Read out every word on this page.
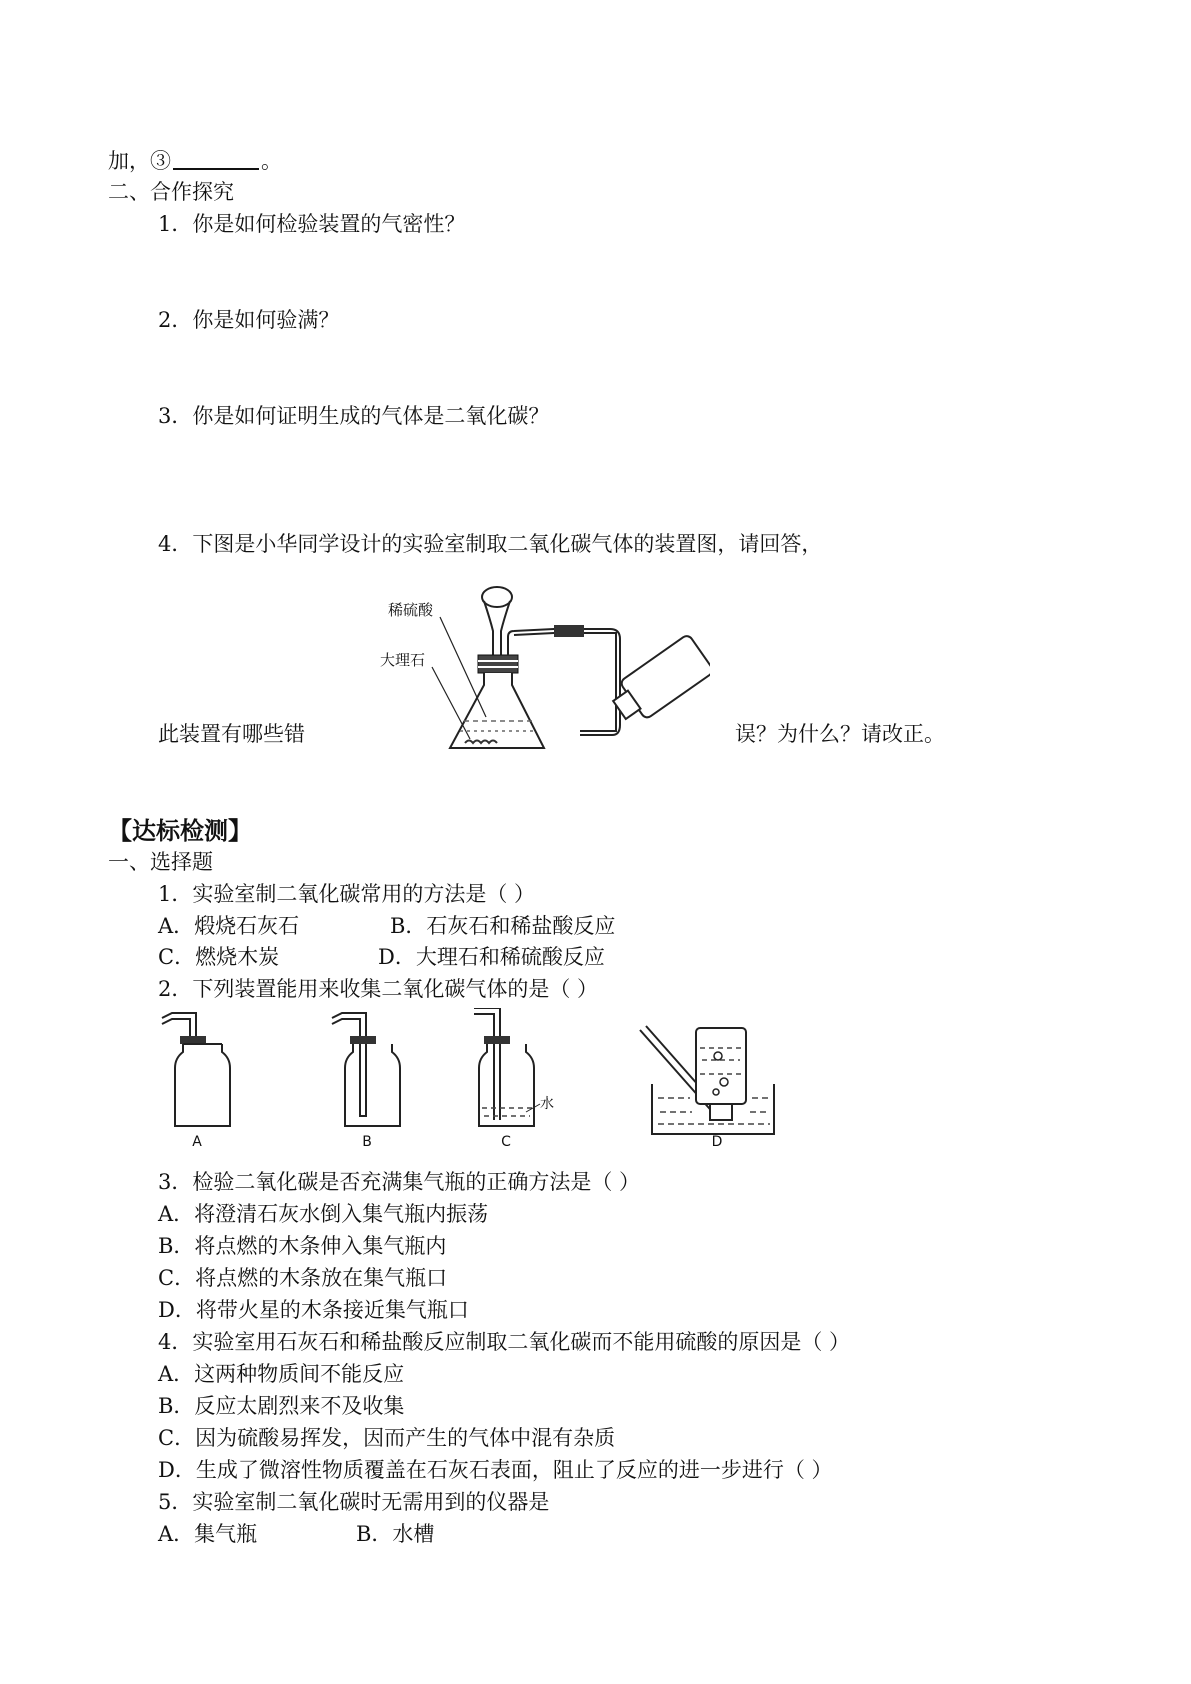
加，③	。
二、合作探究
1．你是如何检验装置的气密性？
2．你是如何验满？
3．你是如何证明生成的气体是二氧化碳？
4．下图是小华同学设计的实验室制取二氧化碳气体的装置图，请回答，
稀硫酸
大理石
此装置有哪些错	误？为什么？请改正。
【达标检测】
一、选择题
1．实验室制二氧化碳常用的方法是（ ）
A．煅烧石灰石	B．石灰石和稀盐酸反应
C．燃烧木炭	D．大理石和稀硫酸反应
2．下列装置能用来收集二氧化碳气体的是（ ）
水
A	B	C	D
3．检验二氧化碳是否充满集气瓶的正确方法是（ ）
A．将澄清石灰水倒入集气瓶内振荡
B．将点燃的木条伸入集气瓶内
C．将点燃的木条放在集气瓶口
D．将带火星的木条接近集气瓶口
4．实验室用石灰石和稀盐酸反应制取二氧化碳而不能用硫酸的原因是（ ）
A．这两种物质间不能反应
B．反应太剧烈来不及收集
C．因为硫酸易挥发，因而产生的气体中混有杂质
D．生成了微溶性物质覆盖在石灰石表面，阻止了反应的进一步进行（ ）
5．实验室制二氧化碳时无需用到的仪器是
A．集气瓶	B．水槽
